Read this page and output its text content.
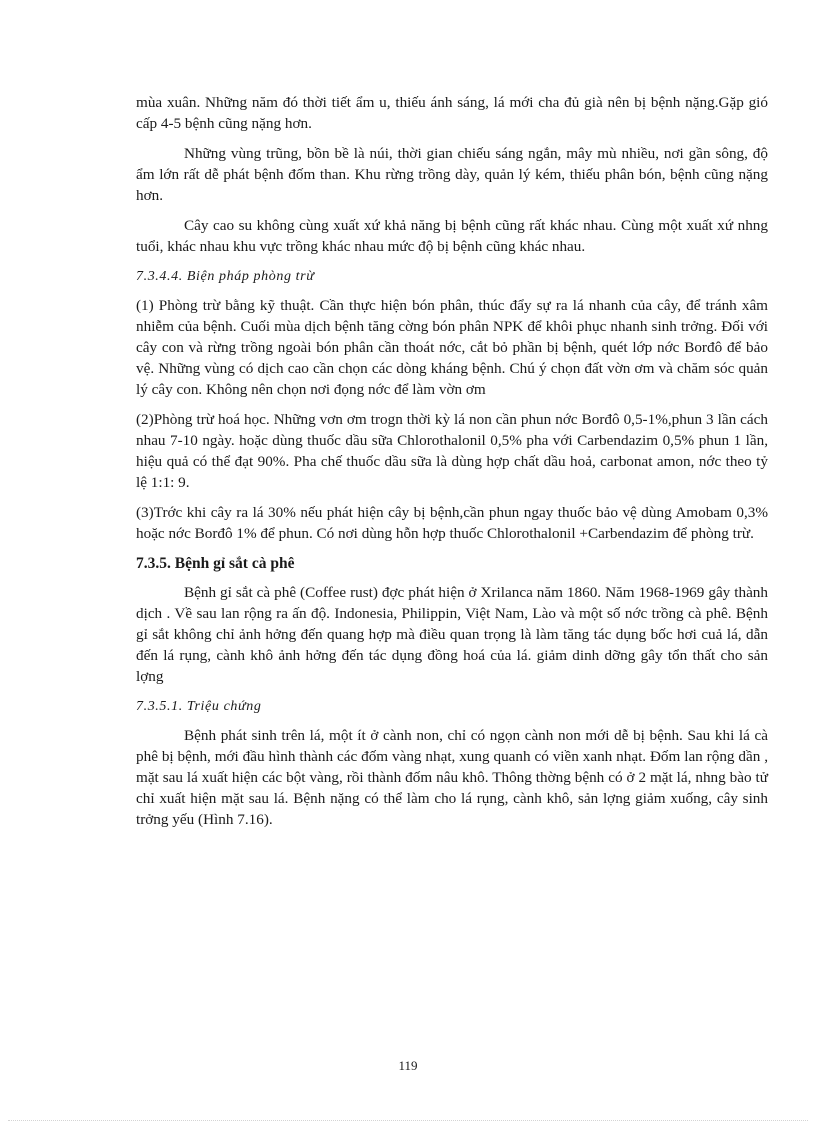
mùa xuân. Những năm đó thời tiết ẩm u, thiếu ánh sáng, lá mới cha đủ già nên bị bệnh nặng.Gặp gió cấp 4-5 bệnh cũng nặng hơn.

Những vùng trũng, bồn bề là núi, thời gian chiếu sáng ngắn, mây mù nhiều, nơi gần sông, độ ẩm lớn rất dễ phát bệnh đốm than. Khu rừng trồng dày, quản lý kém, thiếu phân bón, bệnh cũng nặng hơn.

Cây cao su không cùng xuất xứ khả năng bị bệnh cũng rất khác nhau. Cùng một xuất xứ nhng tuổi, khác nhau khu vực trồng khác nhau mức độ bị bệnh cũng khác nhau.

7.3.4.4. Biện pháp phòng trừ

(1) Phòng trừ bằng kỹ thuật. Cần thực hiện bón phân, thúc đẩy sự ra lá nhanh của cây, để tránh xâm nhiễm của bệnh. Cuối mùa dịch bệnh tăng cờng bón phân NPK để khôi phục nhanh sinh trởng. Đối với cây con và rừng trồng ngoài bón phân cần thoát nớc, cắt bỏ phần bị bệnh, quét lớp nớc Borđô để bảo vệ. Những vùng có dịch cao cần chọn các dòng kháng bệnh. Chú ý chọn đất vờn ơm và chăm sóc quản lý cây con. Không nên chọn nơi đọng nớc để làm vờn ơm

(2)Phòng trừ hoá học. Những vơn ơm trogn thời kỳ lá non cần phun nớc Borđô 0,5-1%,phun 3 lần cách nhau 7-10 ngày. hoặc dùng thuốc dầu sữa Chlorothalonil 0,5% pha với Carbendazim 0,5% phun 1 lần, hiệu quả có thể đạt 90%. Pha chế thuốc dầu sữa là dùng hợp chất dầu hoả, carbonat amon, nớc theo tỷ lệ 1:1: 9.

(3)Trớc khi cây ra lá 30% nếu phát hiện cây bị bệnh,cần phun ngay thuốc bảo vệ dùng Amobam 0,3% hoặc nớc Borđô 1% để phun. Có nơi dùng hỗn hợp thuốc Chlorothalonil +Carbendazim để phòng trừ.

7.3.5. Bệnh gỉ sắt cà phê

Bệnh gỉ sắt cà phê (Coffee rust) đợc phát hiện ở Xrilanca năm 1860. Năm 1968-1969 gây thành dịch . Về sau lan rộng ra ấn độ. Indonesia, Philippin, Việt Nam, Lào và một số nớc trồng cà phê. Bệnh gỉ sắt không chỉ ảnh hởng đến quang hợp mà điều quan trọng là làm tăng tác dụng bốc hơi cuả lá, dẫn đến lá rụng, cành khô ảnh hởng đến tác dụng đồng hoá của lá. giảm dinh dỡng gây tổn thất cho sản lợng

7.3.5.1. Triệu chứng

Bệnh phát sinh trên lá, một ít ở cành non, chỉ có ngọn cành non mới dễ bị bệnh. Sau khi lá cà phê bị bệnh, mới đầu hình thành các đốm vàng nhạt, xung quanh có viền xanh nhạt. Đốm lan rộng dần , mặt sau lá xuất hiện các bột vàng, rồi thành đốm nâu khô. Thông thờng bệnh có ở 2 mặt lá, nhng bào tử chỉ xuất hiện mặt sau lá. Bệnh nặng có thể làm cho lá rụng, cành khô, sản lợng giảm xuống, cây sinh trởng yếu (Hình 7.16).

119
